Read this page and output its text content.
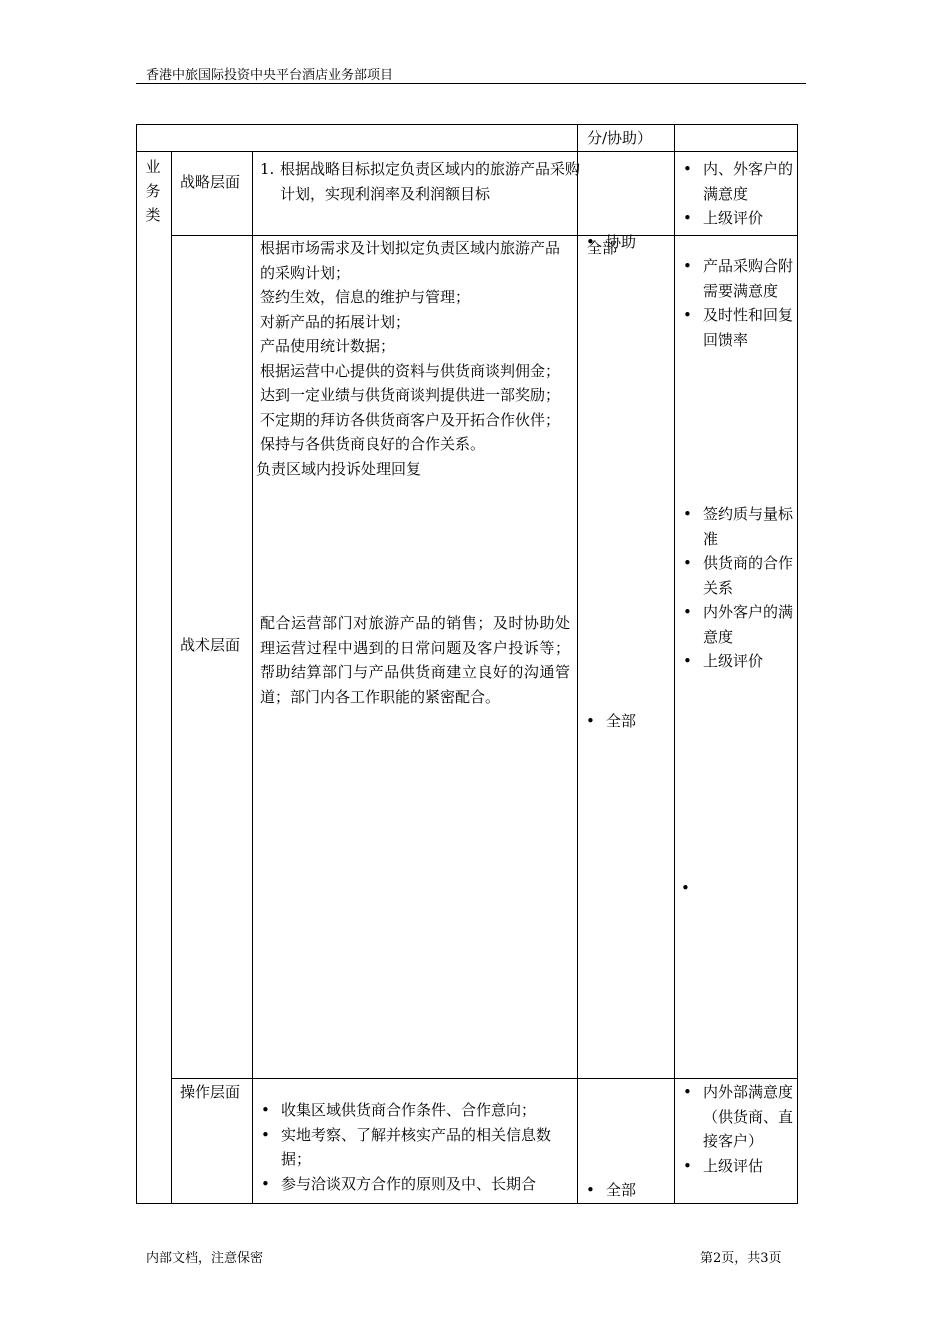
香港中旅国际投资中央平台酒店业务部项目
分/协助）
业务类
战略层面
1. 根据战略目标拟定负责区域内的旅游产品采购计划，实现利润率及利润额目标
• 协助

• 内、外客户的满意度

• 上级评价

战术层面

根据市场需求及计划拟定负责区域内旅游产品的采购计划；

签约生效，信息的维护与管理；

对新产品的拓展计划；

产品使用统计数据；

根据运营中心提供的资料与供货商谈判佣金；

达到一定业绩与供货商谈判提供进一部奖励；

不定期的拜访各供货商客户及开拓合作伙伴；

保持与各供货商良好的合作关系。

负责区域内投诉处理回复

配合运营部门对旅游产品的销售；及时协助处理运营过程中遇到的日常问题及客户投诉等；帮助结算部门与产品供货商建立良好的沟通管道；部门内各工作职能的紧密配合。
全部
• 全部

• 产品采购合附需要满意度

• 及时性和回复回馈率

• 签约质与量标准

• 供货商的合作关系

• 内外客户的满意度

• 上级评价

•
操作层面

• 收集区域供货商合作条件、合作意向；

• 实地考察、了解并核实产品的相关信息数据；

• 参与洽谈双方合作的原则及中、长期合

•	全部

• 内外部满意度（供货商、直接客户）

• 上级评估

内部文档，注意保密	第2页，共3页
